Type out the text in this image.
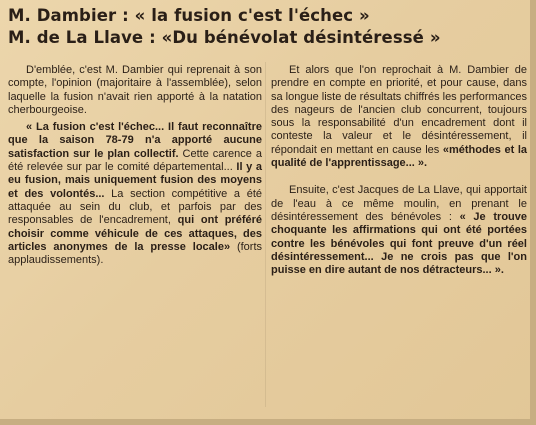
M. Dambier : « la fusion c'est l'échec »
M. de La Llave : «Du bénévolat désintéressé »

D'emblée, c'est M. Dambier qui reprenait à son compte, l'opinion (majoritaire à l'assemblée), selon laquelle la fusion n'avait rien apporté à la natation cherbourgeoise.

« La fusion c'est l'échec... Il faut reconnaître que la saison 78-79 n'a apporté aucune satisfaction sur le plan collectif. Cette carence a été relevée sur par le comité départemental... Il y a eu fusion, mais uniquement fusion des moyens et des volontés... La section compétitive a été attaquée au sein du club, et parfois par des responsables de l'encadrement, qui ont préféré choisir comme véhicule de ces attaques, des articles anonymes de la presse locale» (forts applaudissements).

Et alors que l'on reprochait à M. Dambier de prendre en compte en priorité, et pour cause, dans sa longue liste de résultats chiffrés les performances des nageurs de l'ancien club concurrent, toujours sous la responsabilité d'un encadrement dont il conteste la valeur et le désintéressement, il répondait en mettant en cause les «méthodes et la qualité de l'apprentissage... ».

Ensuite, c'est Jacques de La Llave, qui apportait de l'eau à ce même moulin, en prenant le désintéressement des bénévoles : « Je trouve choquante les affirmations qui ont été portées contre les bénévoles qui font preuve d'un réel désintéressement... Je ne crois pas que l'on puisse en dire autant de nos détracteurs... ».
